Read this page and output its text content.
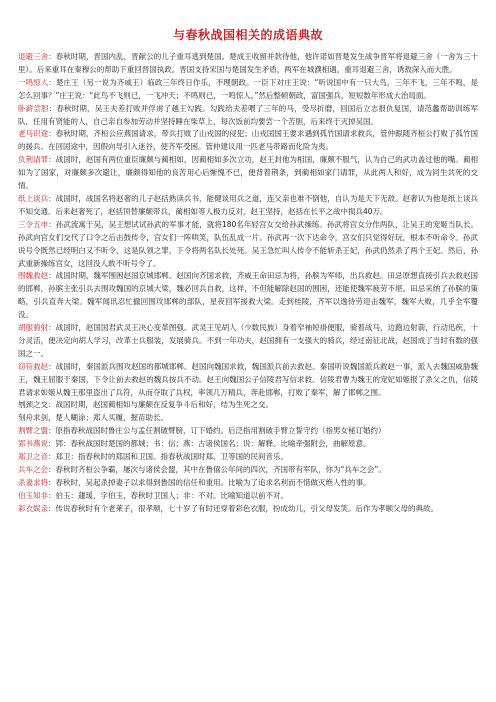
与春秋战国相关的成语典故

退避三舍：春秋时期，晋国内乱，晋献公的儿子重耳逃到楚国。楚成王收留并款待他，他许诺如晋楚发生战争晋军将退避三舍（一舍为三十里）。后来重耳在秦穆公的帮助下重回晋国执政。晋国支持宋国与楚国发生矛盾，两军在城濮相遇，重耳退避三舍，诱敌深入而大胜。

一鸣惊人：楚庄王（另一说为齐威王）临政三年终日作乐，不理朝政。一臣下对庄王说：“听说国中有一只大鸟，三年不飞，三年不鸣，是怎么回事？”庄王说：“此鸟不飞则已，一飞冲天；不鸣则已，一鸣惊人。”然后整顿朝政，富国强兵，短短数年形成大治局面。

卧薪尝胆：春秋时期，吴王夫差打败并俘虏了越王勾践。勾践给夫差喂了三年的马，受尽折磨，回国后立志报仇复国，请范蠡帮助训练军队，任用有贤能的人，自己亲自参加劳动并坚持睡在柴草上，每次饭前均要尝一个苦胆，后来终于灭掉吴国。

老马识途：春秋时期，齐桓公应燕国请求，带兵打败了山戎国的侵犯；山戎国国王要求遇到孤竹国请求救兵，管仲跟随齐桓公打败了孤竹国的援兵。在回国途中，因假向导引入迷谷，使齐军受困。管仲建议用一匹老马带路而化险为夷。

负荆请罪：战国时，赵国有两位重臣廉颇与蔺相如，因蔺相如多次立功，赵王封他为相国，廉颇不服气，认为自己的武功盖过他的嘴。蔺相如为了国家，对廉颇多次避让，廉颇得知他的良苦用心后惭愧不已，便背着荆条，到蔺相如家门请罪，从此两人和好，成为同生共死的交情。

纸上谈兵：战国时，战国名将赵奢的儿子赵括熟读兵书，能健谈用兵之道，连父亲也难不倒他，自认为是天下无敌。赵奢认为他是纸上谈兵不知交通。后来赵奢死了，赵括顶替廉颇带兵，蔺相如等人极力反对，赵王坚持，赵括在长平之战中损兵40万。

三令五申：孙武流寓于吴，吴王想试试孙武的军事才能，就将180名年轻宫女交给孙武操练。孙武将宫女分作两队，让吴王的宠姬当队长。孙武向宫女们交代了口令之后击鼓传令，宫女们一阵哄笑，队伍乱成一片。孙武再一次下达命令，宫女们只觉得好玩，根本不听命令。孙武说号令既然已经明白又不听令，这是队领之罪，下令将两名队长处死。吴王急忙叫人传令不能斩杀王妃，孙武仍然杀了两个王妃。然后，孙武重新操练宫女，这回没人敢不听号令了。

围魏救赵：战国时期，魏军围困赵国京城邯郸。赵国向齐国求救，齐威王命田忌为将，孙膑为军师，出兵救赵。田忌原想直接引兵去救赵国的邯郸，孙膑主张引兵去围攻魏国的京城大梁，魏必回兵自救，这样，不但能解除赵国的围困，还能使魏军疲劳不堪。田忌采纳了孙膑的策略，引兵直奔大梁。魏军闻讯忍忙撤回围攻邯郸的部队，星夜回军援救大梁。走到桂陵，齐军以逸待劳迎击魏军，魏军大败，几乎全军覆没。

胡服骑射：战国时，赵国国君武灵王决心变革图强。武灵王见胡人（少数民族）身着窄袖短褂便服，骑着战马，边跑边射箭，行动迅疾，十分灵活，便决定向胡人学习，改革士兵服装，发展骑兵。不到一年功夫，赵国拥有一支强大的骑兵，经过南征北战，赵国成了当时有数的强国之一。

窃符救赵：战国时，秦国派兵围攻赵国的都城邯郸。赵国向魏国求救，魏国派兵前去救赵。秦国听说魏国派兵救赵一事，派人去魏国威胁魏王，魏王屈服于秦国，下令让前去救赵的魏兵按兵不动。赵王向魏国公子信陵君写信求救。信陵君曹为魏王的宠妃如姬报了杀父之仇，信陵君请求如姬从魏王那里盗出了兵符，从而夺取了兵权，率领几万精兵，奔赴邯郸，打败了秦军，解了邯郸之围。

刎颈之交：战国时期，赵国蔺相如与廉颇在反复争斗后和好，结为生死之交。

刻舟求剑，楚人糊涂；郑人买履，握苗助长。

割臂之盟：原指春秋战国时鲁庄公与孟任割破臂膀，订下婚约。后泛指用割破手臂立誓守约（指男女秘订婚约）

郢书燕说：郢：春秋战国时楚国的都城；书：信；燕：古诸侯国名；说：解释。比喻牵强附会，曲解原意。

郑卫之音：郑卫：指春秋时的郑国和卫国。指春秋战国时郑、卫等国的民间音乐。

兵车之会：春秋时齐桓公争霸，屡次与诸侯会盟，其中在鲁僖公年间的四次，齐国带有军队，你为“兵车之会”。

杀妻求将：春秋时，吴起杀掉妻子以求得到鲁国的信任和重用。比喻为了追求名利而不惜做灭绝人性的事。

伯玉知非：伯玉：蘧瑗，字伯玉，春秋时卫国人；非：不对。比喻知道以前不对。

彩衣娱亲：传说春秋时有个老莱子，很孝顺，七十岁了有时还穿着彩色衣服，扮成幼儿，引父母发笑。后作为孝顺父母的典故。
